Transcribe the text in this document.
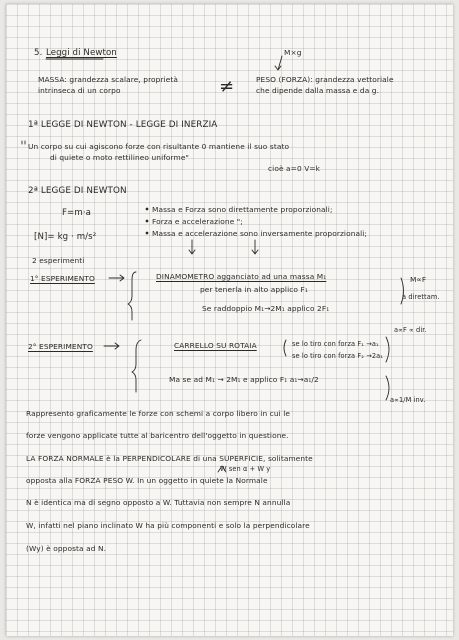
5. Leggi di Newton	M×g
MASSA: grandezza scalare, proprietà
intrinseca di un corpo	≠	PESO (FORZA): grandezza vettoriale
che dipende dalla massa e da g.
1ª LEGGE DI NEWTON - LEGGE DI INERZIA
Un corpo su cui agiscono forze con risultante 0 mantiene il suo stato
di quiete o moto rettilineo uniforme"
cioè a=0 V=k
2ª LEGGE DI NEWTON
F=m·a
[N]= kg · m/s²
Massa e Forza sono direttamente proporzionali;
Forza e accelerazione ";
Massa e accelerazione sono inversamente proporzionali;
2 esperimenti
1° ESPERIMENTO	DINAMOMETRO agganciato ad una massa M₁
per tenerla in alto applico F₁
Se raddoppio M₁→2M₁ applico 2F₁
M∝F
a direttam.
2° ESPERIMENTO	CARRELLO SU ROTAIA	se lo tiro con forza F₁ →a₁
se lo tiro con forza F₂ →2a₁
Ma se ad M₁ → 2M₁ e applico F₁ a₁→a₁/2
a∝F ∝ dir.
a∝1/M inv.
Rappresento graficamente le forze con schemi a corpo libero in cui le
forze vengono applicate tutte al baricentro dell'oggetto in questione.
LA FORZA NORMALE è la PERPENDICOLARE di una SUPERFICIE, solitamente
W sen α + W y
opposta alla FORZA PESO W. In un oggetto in quiete la Normale
N è identica ma di segno opposto a W. Tuttavia non sempre N annulla
W, infatti nel piano inclinato W ha più componenti e solo la perpendicolare
(Wy) è opposta ad N.
